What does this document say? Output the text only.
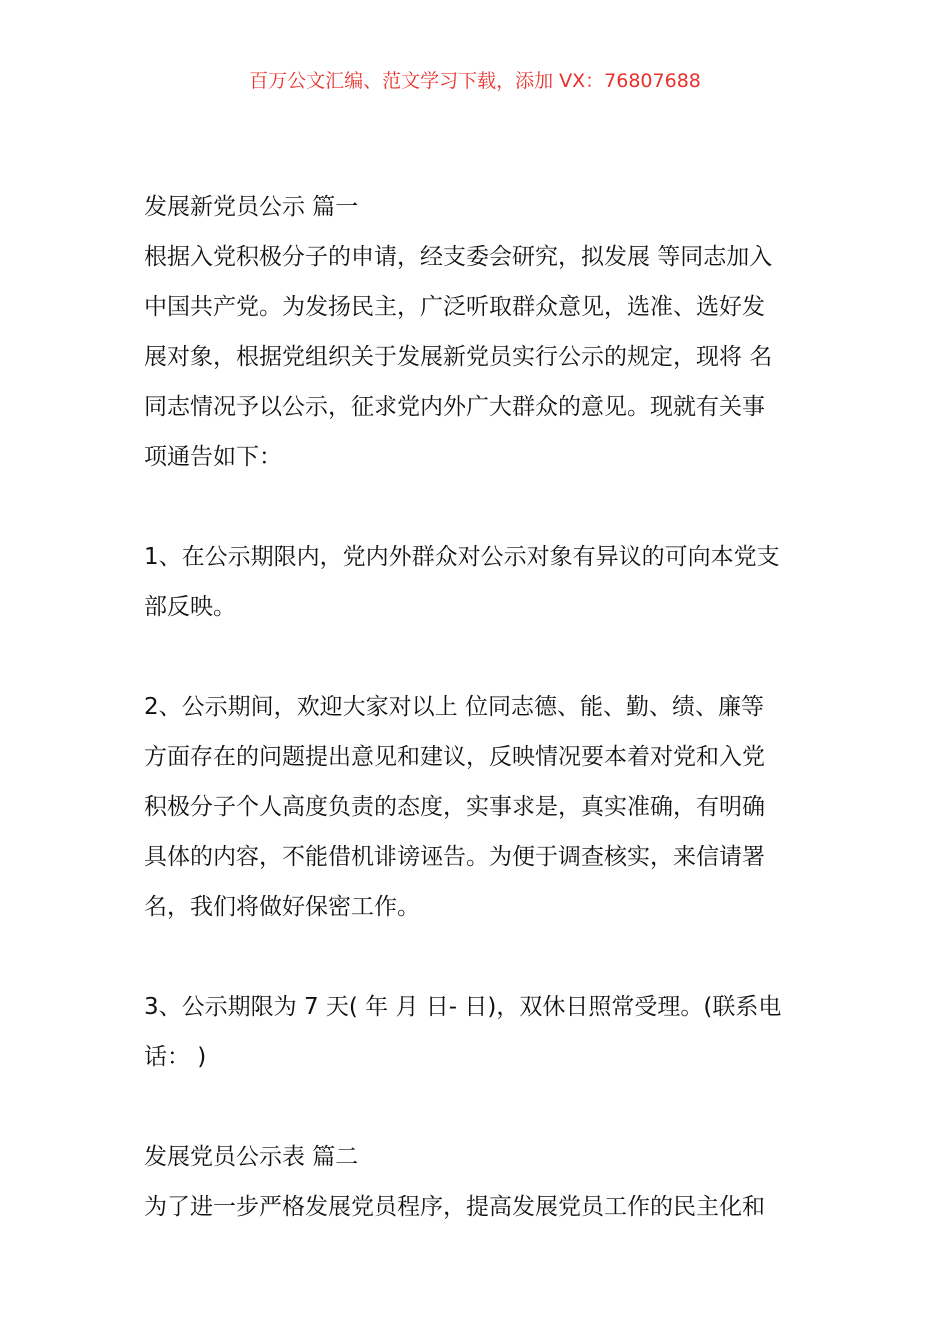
百万公文汇编、范文学习下载，添加 VX：76807688
发展新党员公示 篇一
根据入党积极分子的申请，经支委会研究，拟发展 等同志加入
中国共产党。为发扬民主，广泛听取群众意见，选准、选好发
展对象，根据党组织关于发展新党员实行公示的规定，现将 名
同志情况予以公示，征求党内外广大群众的意见。现就有关事
项通告如下：
1、在公示期限内，党内外群众对公示对象有异议的可向本党支
部反映。
2、公示期间，欢迎大家对以上 位同志德、能、勤、绩、廉等
方面存在的问题提出意见和建议，反映情况要本着对党和入党
积极分子个人高度负责的态度，实事求是，真实准确，有明确
具体的内容，不能借机诽谤诬告。为便于调查核实，来信请署
名，我们将做好保密工作。
3、公示期限为 7 天( 年 月 日- 日)，双休日照常受理。(联系电
话： )
发展党员公示表 篇二
为了进一步严格发展党员程序，提高发展党员工作的民主化和
